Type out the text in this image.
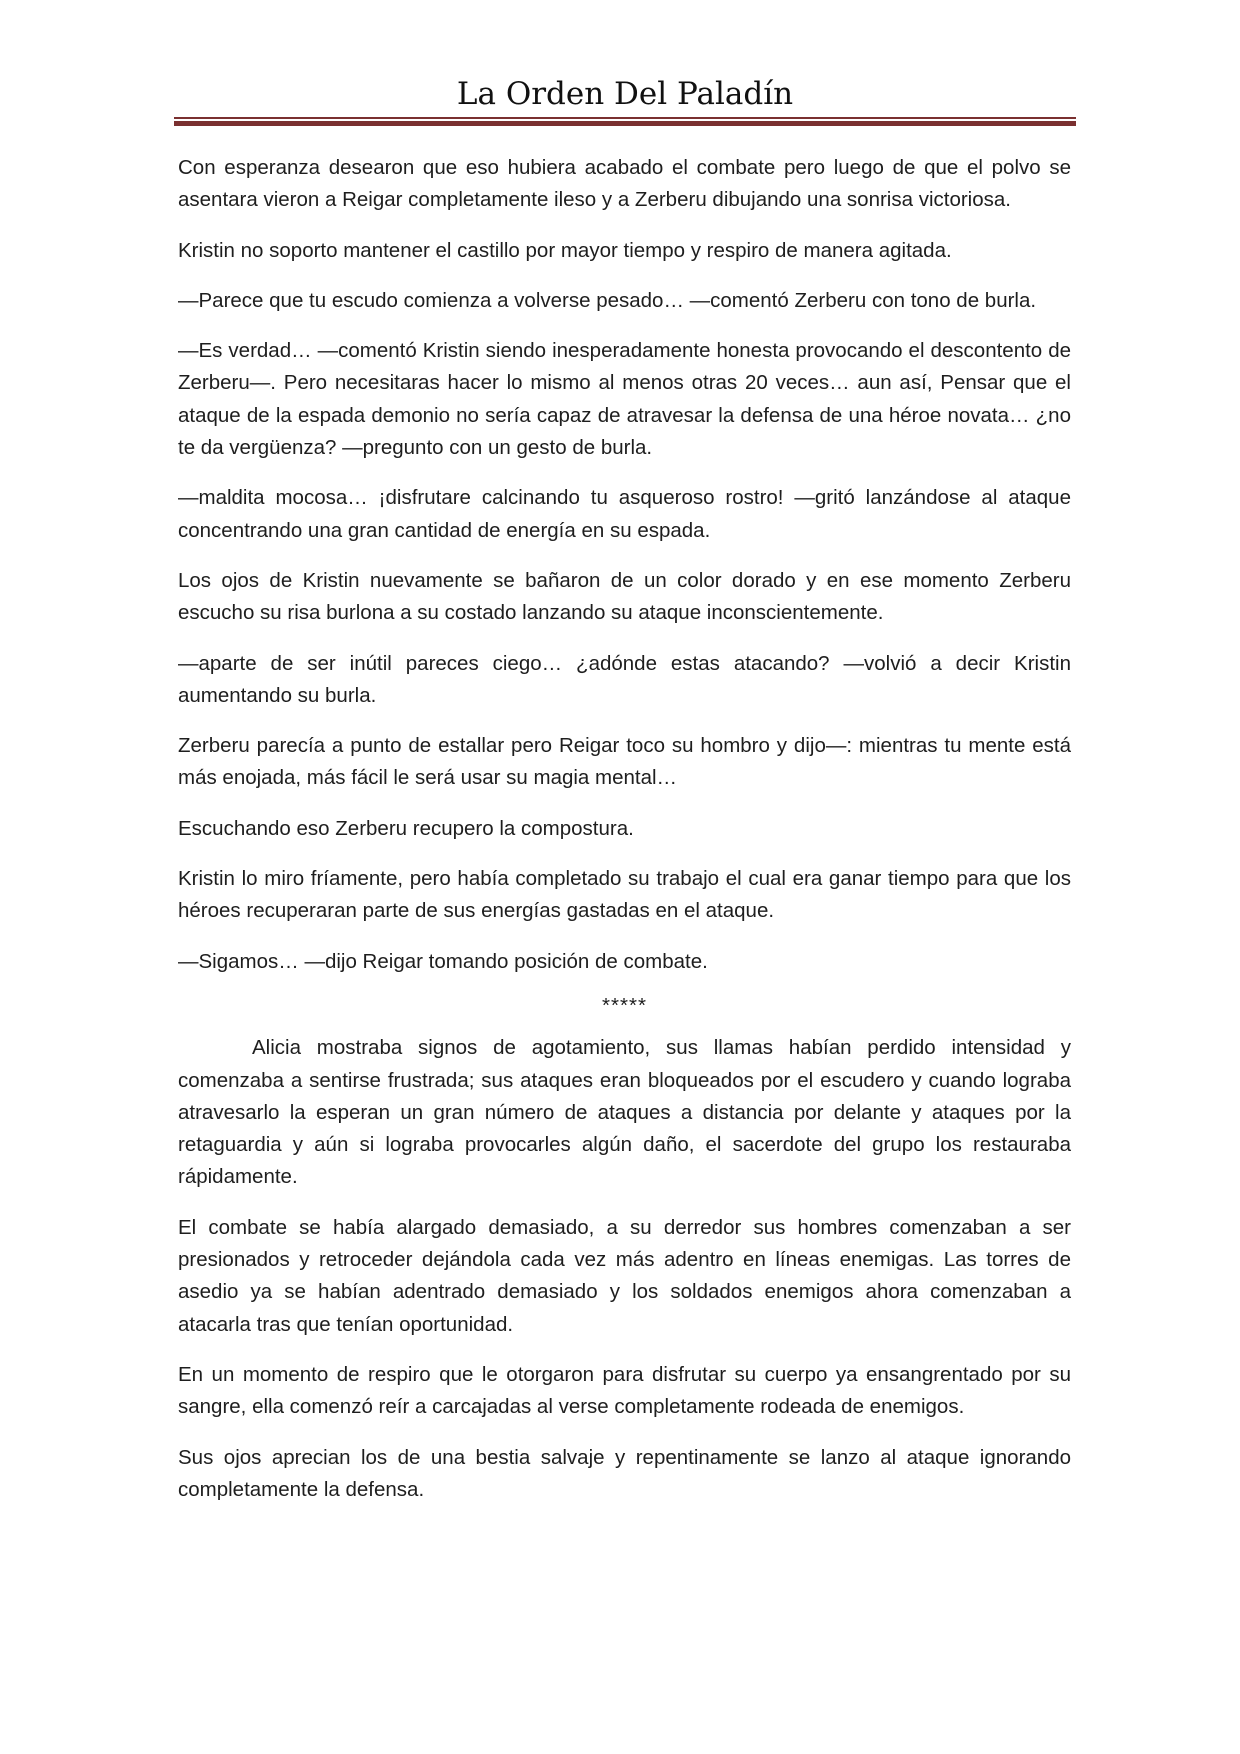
La Orden Del Paladín

Con esperanza desearon que eso hubiera acabado el combate pero luego de que el polvo se asentara vieron a Reigar completamente ileso y a Zerberu dibujando una sonrisa victoriosa.

Kristin no soporto mantener el castillo por mayor tiempo y respiro de manera agitada.

—Parece que tu escudo comienza a volverse pesado… —comentó Zerberu con tono de burla.

—Es verdad… —comentó Kristin siendo inesperadamente honesta provocando el descontento de Zerberu—. Pero necesitaras hacer lo mismo al menos otras 20 veces… aun así, Pensar que el ataque de la espada demonio no sería capaz de atravesar la defensa de una héroe novata… ¿no te da vergüenza? —pregunto con un gesto de burla.

—maldita mocosa… ¡disfrutare calcinando tu asqueroso rostro! —gritó lanzándose al ataque concentrando una gran cantidad de energía en su espada.

Los ojos de Kristin nuevamente se bañaron de un color dorado y en ese momento Zerberu escucho su risa burlona a su costado lanzando su ataque inconscientemente.

—aparte de ser inútil pareces ciego… ¿adónde estas atacando? —volvió a decir Kristin aumentando su burla.

Zerberu parecía a punto de estallar pero Reigar toco su hombro y dijo—: mientras tu mente está más enojada, más fácil le será usar su magia mental…

Escuchando eso Zerberu recupero la compostura.

Kristin lo miro fríamente, pero había completado su trabajo el cual era ganar tiempo para que los héroes recuperaran parte de sus energías gastadas en el ataque.

—Sigamos… —dijo Reigar tomando posición de combate.

*****

Alicia mostraba signos de agotamiento, sus llamas habían perdido intensidad y comenzaba a sentirse frustrada; sus ataques eran bloqueados por el escudero y cuando lograba atravesarlo la esperan un gran número de ataques a distancia por delante y ataques por la retaguardia y aún si lograba provocarles algún daño, el sacerdote del grupo los restauraba rápidamente.

El combate se había alargado demasiado, a su derredor sus hombres comenzaban a ser presionados y retroceder dejándola cada vez más adentro en líneas enemigas. Las torres de asedio ya se habían adentrado demasiado y los soldados enemigos ahora comenzaban a atacarla tras que tenían oportunidad.

En un momento de respiro que le otorgaron para disfrutar su cuerpo ya ensangrentado por su sangre, ella comenzó reír a carcajadas al verse completamente rodeada de enemigos.

Sus ojos aprecian los de una bestia salvaje y repentinamente se lanzo al ataque ignorando completamente la defensa.
